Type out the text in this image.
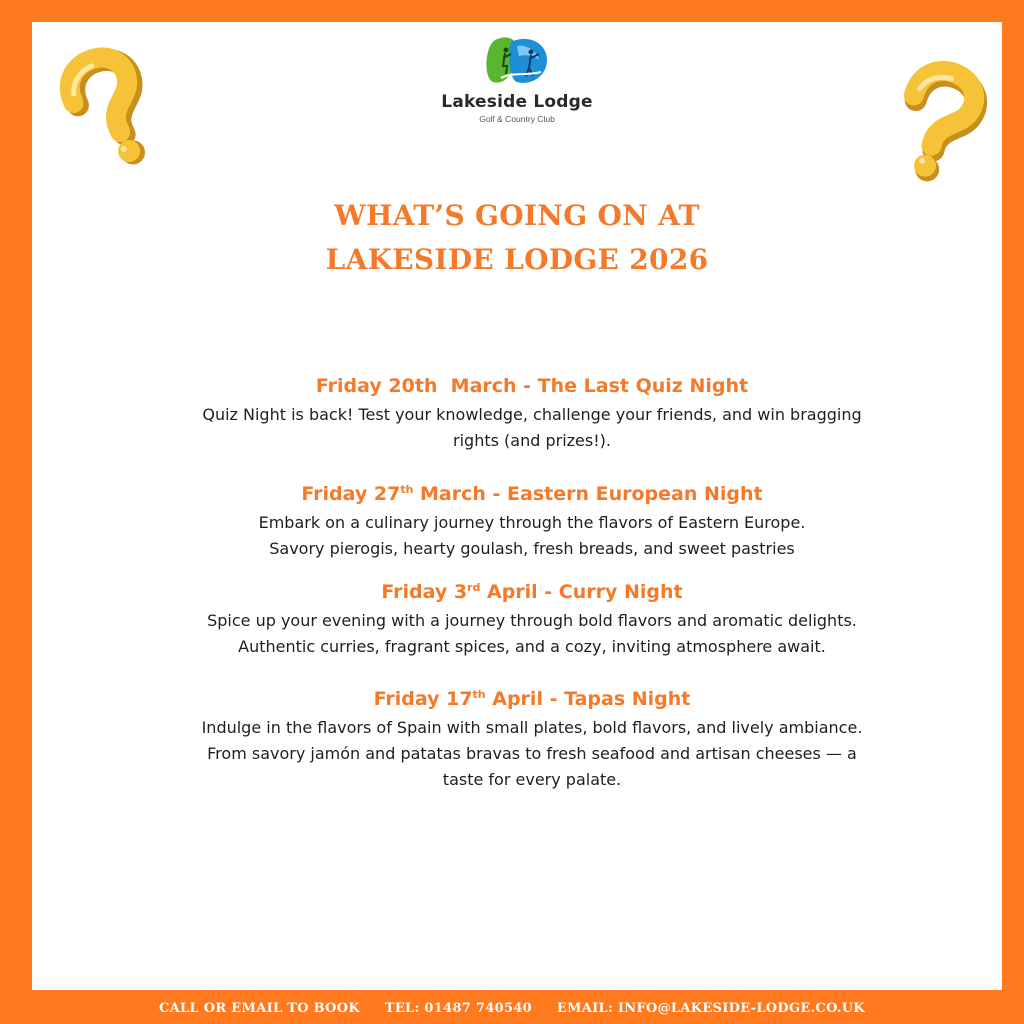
Lakeside Lodge
Golf & Country Club
WHAT’S GOING ON AT
LAKESIDE LODGE 2026
Friday 20th  March - The Last Quiz Night
Quiz Night is back! Test your knowledge, challenge your friends, and win bragging
rights (and prizes!).
Friday 27th March - Eastern European Night
Embark on a culinary journey through the flavors of Eastern Europe.
Savory pierogis, hearty goulash, fresh breads, and sweet pastries
Friday 3rd April - Curry Night
Spice up your evening with a journey through bold flavors and aromatic delights.
Authentic curries, fragrant spices, and a cozy, inviting atmosphere await.
Friday 17th April - Tapas Night
Indulge in the flavors of Spain with small plates, bold flavors, and lively ambiance.
From savory jamón and patatas bravas to fresh seafood and artisan cheeses — a
taste for every palate.
CALL OR EMAIL TO BOOK TEL: 01487 740540 EMAIL: INFO@LAKESIDE-LODGE.CO.UK
